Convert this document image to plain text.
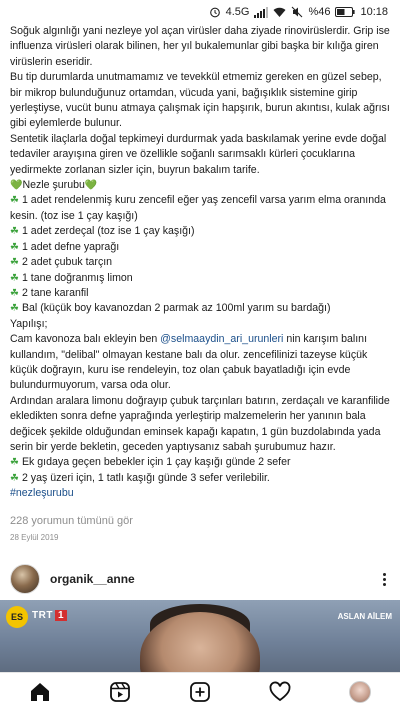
4.5G	%46	10:18

Soğuk algınlığı yani nezleye yol açan virüsler daha ziyade rinovirüslerdir. Grip ise influenza virüsleri olarak bilinen, her yıl bukalemunlar gibi başka bir kılığa giren virüslerin eseridir.

Bu tip durumlarda unutmamamız ve tevekkül etmemiz gereken en güzel sebep, bir mikrop bulunduğunuz ortamdan, vücuda yani, bağışıklık sistemine girip yerleştiyse, vucüt bunu atmaya çalışmak için hapşırık, burun akıntısı, kulak ağrısı gibi eylemlerde bulunur.

Sentetik ilaçlarla doğal tepkimeyi durdurmak yada baskılamak yerine evde doğal tedaviler arayışına giren ve özellikle soğanlı sarımsaklı kürleri çocuklarına yedirmekte zorlanan sizler için, buyrun bakalım tarife.

💚Nezle şurubu💚

☘ 1 adet rendelenmiş kuru zencefil eğer yaş zencefil varsa yarım elma oranında kesin. (toz ise 1 çay kaşığı)

☘ 1 adet zerdeçal (toz ise 1 çay kaşığı)

☘ 1 adet defne yaprağı

☘ 2 adet çubuk tarçın

☘ 1 tane doğranmış limon

☘ 2 tane karanfil

☘ Bal (küçük boy kavanozdan 2 parmak az 100ml yarım su bardağı)

Yapılışı;

Cam kavonoza balı ekleyin ben @selmaaydin_ari_urunleri nin karışım balını kullandım, "delibal" olmayan kestane balı da olur. zencefilinizi tazeyse küçük küçük doğrayın, kuru ise rendeleyin, toz olan çabuk bayatladığı için evde bulundurmuyorum, varsa oda olur.

Ardından aralara limonu doğrayıp çubuk tarçınları batırın, zerdaçalı ve karanfilide ekledikten sonra defne yaprağında yerleştirip malzemelerin her yanının bala değicek şekilde olduğundan eminsek kapağı kapatın, 1 gün buzdolabında yada serin bir yerde bekletin, geceden yaptıysanız sabah şurubumuz hazır.

☘ Ek gıdaya geçen bebekler için 1 çay kaşığı günde 2 sefer

☘ 2 yaş üzeri için, 1 tatlı kaşığı günde 3 sefer verilebilir.

#nezleşurubu

228 yorumun tümünü gör
28 Eylül 2019
organik__anne
ES TRT 1	ASLAN AİLEM
